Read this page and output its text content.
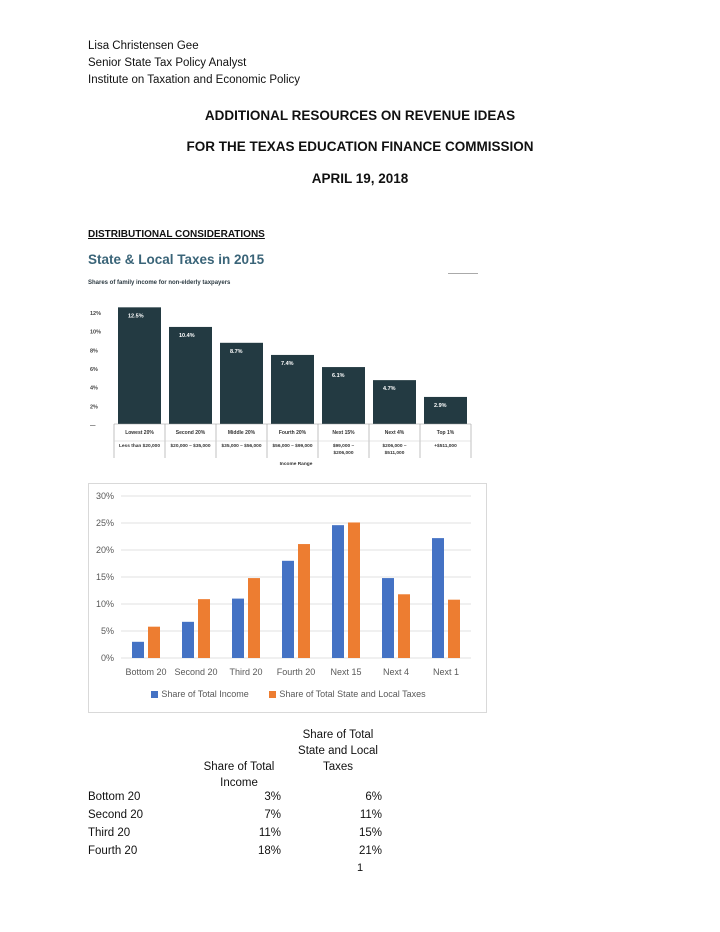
Lisa Christensen Gee
Senior State Tax Policy Analyst
Institute on Taxation and Economic Policy
ADDITIONAL RESOURCES ON REVENUE IDEAS
FOR THE TEXAS EDUCATION FINANCE COMMISSION
APRIL 19, 2018
DISTRIBUTIONAL CONSIDERATIONS
State & Local Taxes in 2015
Shares of family income for non-elderly taxpayers
12%
10%
8%
6%
4%
2%
—
12.5%
Lowest 20%
Less than $20,000
10.4%
Second 20%
$20,000 – $35,000
8.7%
Middle 20%
$35,000 – $56,000
7.4%
Fourth 20%
$56,000 – $99,000
6.1%
Next 15%
$99,000 –
$206,000
4.7%
Next 4%
$206,000 –
$511,000
2.9%
Top 1%
+$511,000
Income Range
0%
5%
10%
15%
20%
25%
30%
Bottom 20 Second 20 Third 20 Fourth 20 Next 15 Next 4	Next 1
Share of Total Income	Share of Total State and Local Taxes
Share of Total Income
Share of Total State and Local Taxes
Bottom 20	3%	6%
Second 20	7%	11%
Third 20	11%	15%
Fourth 20	18%	21%
1
